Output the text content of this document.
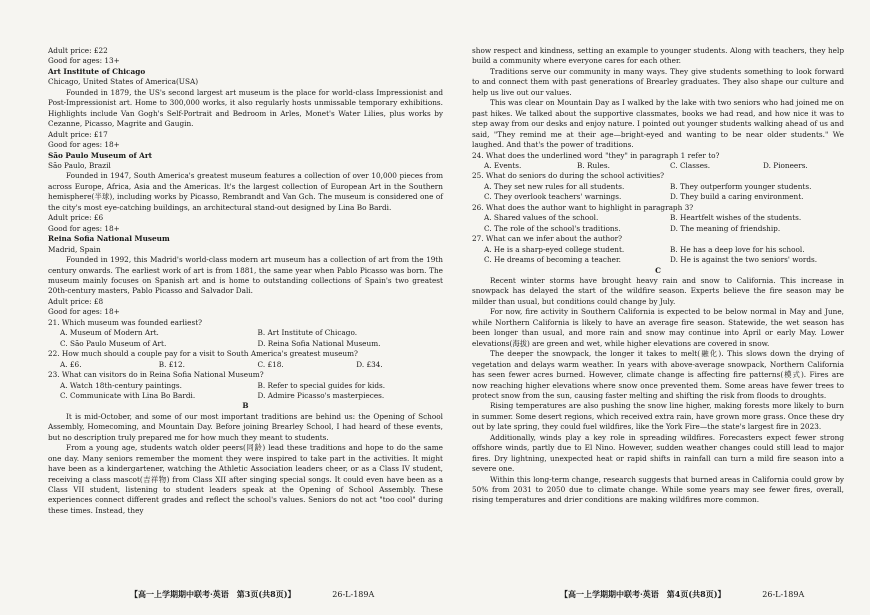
Adult price: £22
Good for ages: 13+
Art Institute of Chicago
Chicago, United States of America(USA)
Founded in 1879, the US's second largest art museum is the place for world-class Impressionist and Post-Impressionist art. Home to 300,000 works, it also regularly hosts unmissable temporary exhibitions. Highlights include Van Gogh's Self-Portrait and Bedroom in Arles, Monet's Water Lilies, plus works by Cezanne, Picasso, Magrite and Gaugin.
Adult price: £17
Good for ages: 18+
São Paulo Museum of Art
São Paulo, Brazil
Founded in 1947, South America's greatest museum features a collection of over 10,000 pieces from across Europe, Africa, Asia and the Americas. It's the largest collection of European Art in the Southern hemisphere(半球), including works by Picasso, Rembrandt and Van Gch. The museum is considered one of the city's most eye-catching buildings, an architectural stand-out designed by Lina Bo Bardi.
Adult price: £6
Good for ages: 18+
Reina Sofia National Museum
Madrid, Spain
Founded in 1992, this Madrid's world-class modern art museum has a collection of art from the 19th century onwards. The earliest work of art is from 1881, the same year when Pablo Picasso was born. The museum mainly focuses on Spanish art and is home to outstanding collections of Spain's two greatest 20th-century masters, Pablo Picasso and Salvador Dali.
Adult price: £8
Good for ages: 18+
21. Which museum was founded earliest?
A. Museum of Modern Art.	B. Art Institute of Chicago.
C. São Paulo Museum of Art.	D. Reina Sofia National Museum.
22. How much should a couple pay for a visit to South America's greatest museum?
A. £6.	B. £12.	C. £18.	D. £34.
23. What can visitors do in Reina Sofia National Museum?
A. Watch 18th-century paintings.	B. Refer to special guides for kids.
C. Communicate with Lina Bo Bardi.	D. Admire Picasso's masterpieces.
B
It is mid-October, and some of our most important traditions are behind us: the Opening of School Assembly, Homecoming, and Mountain Day. Before joining Brearley School, I had heard of these events, but no description truly prepared me for how much they meant to students.
From a young age, students watch older peers(同龄) lead these traditions and hope to do the same one day. Many seniors remember the moment they were inspired to take part in the activities. It might have been as a kindergartener, watching the Athletic Association leaders cheer, or as a Class IV student, receiving a class mascot(吉祥物) from Class XII after singing special songs. It could even have been as a Class VII student, listening to student leaders speak at the Opening of School Assembly. These experiences connect different grades and reflect the school's values. Seniors do not act "too cool" during these times. Instead, they
show respect and kindness, setting an example to younger students. Along with teachers, they help build a community where everyone cares for each other.
Traditions serve our community in many ways. They give students something to look forward to and connect them with past generations of Brearley graduates. They also shape our culture and help us live out our values.
This was clear on Mountain Day as I walked by the lake with two seniors who had joined me on past hikes. We talked about the supportive classmates, books we had read, and how nice it was to step away from our desks and enjoy nature. I pointed out younger students walking ahead of us and said, "They remind me at their age—bright-eyed and wanting to be near older students." We laughed. And that's the power of traditions.
24. What does the underlined word "they" in paragraph 1 refer to?
A. Events.	B. Rules.	C. Classes.	D. Pioneers.
25. What do seniors do during the school activities?
A. They set new rules for all students.	B. They outperform younger students.
C. They overlook teachers' warnings.	D. They build a caring environment.
26. What does the author want to highlight in paragraph 3?
A. Shared values of the school.	B. Heartfelt wishes of the students.
C. The role of the school's traditions.	D. The meaning of friendship.
27. What can we infer about the author?
A. He is a sharp-eyed college student.	B. He has a deep love for his school.
C. He dreams of becoming a teacher.	D. He is against the two seniors' words.
C
Recent winter storms have brought heavy rain and snow to California. This increase in snowpack has delayed the start of the wildfire season. Experts believe the fire season may be milder than usual, but conditions could change by July.
For now, fire activity in Southern California is expected to be below normal in May and June, while Northern California is likely to have an average fire season. Statewide, the wet season has been longer than usual, and more rain and snow may continue into April or early May. Lower elevations(海拔) are green and wet, while higher elevations are covered in snow.
The deeper the snowpack, the longer it takes to melt(融化). This slows down the drying of vegetation and delays warm weather. In years with above-average snowpack, Northern California has seen fewer acres burned. However, climate change is affecting fire patterns(模式). Fires are now reaching higher elevations where snow once prevented them. Some areas have fewer trees to protect snow from the sun, causing faster melting and shifting the risk from floods to droughts.
Rising temperatures are also pushing the snow line higher, making forests more likely to burn in summer. Some desert regions, which received extra rain, have grown more grass. Once these dry out by late spring, they could fuel wildfires, like the York Fire—the state's largest fire in 2023.
Additionally, winds play a key role in spreading wildfires. Forecasters expect fewer strong offshore winds, partly due to El Nino. However, sudden weather changes could still lead to major fires. Dry lightning, unexpected heat or rapid shifts in rainfall can turn a mild fire season into a severe one.
Within this long-term change, research suggests that burned areas in California could grow by 50% from 2031 to 2050 due to climate change. While some years may see fewer fires, overall, rising temperatures and drier conditions are making wildfires more common.
【高一上学期期中联考·英语　第3页(共8页)】	26-L-189A	【高一上学期期中联考·英语　第4页(共8页)】	26-L-189A
